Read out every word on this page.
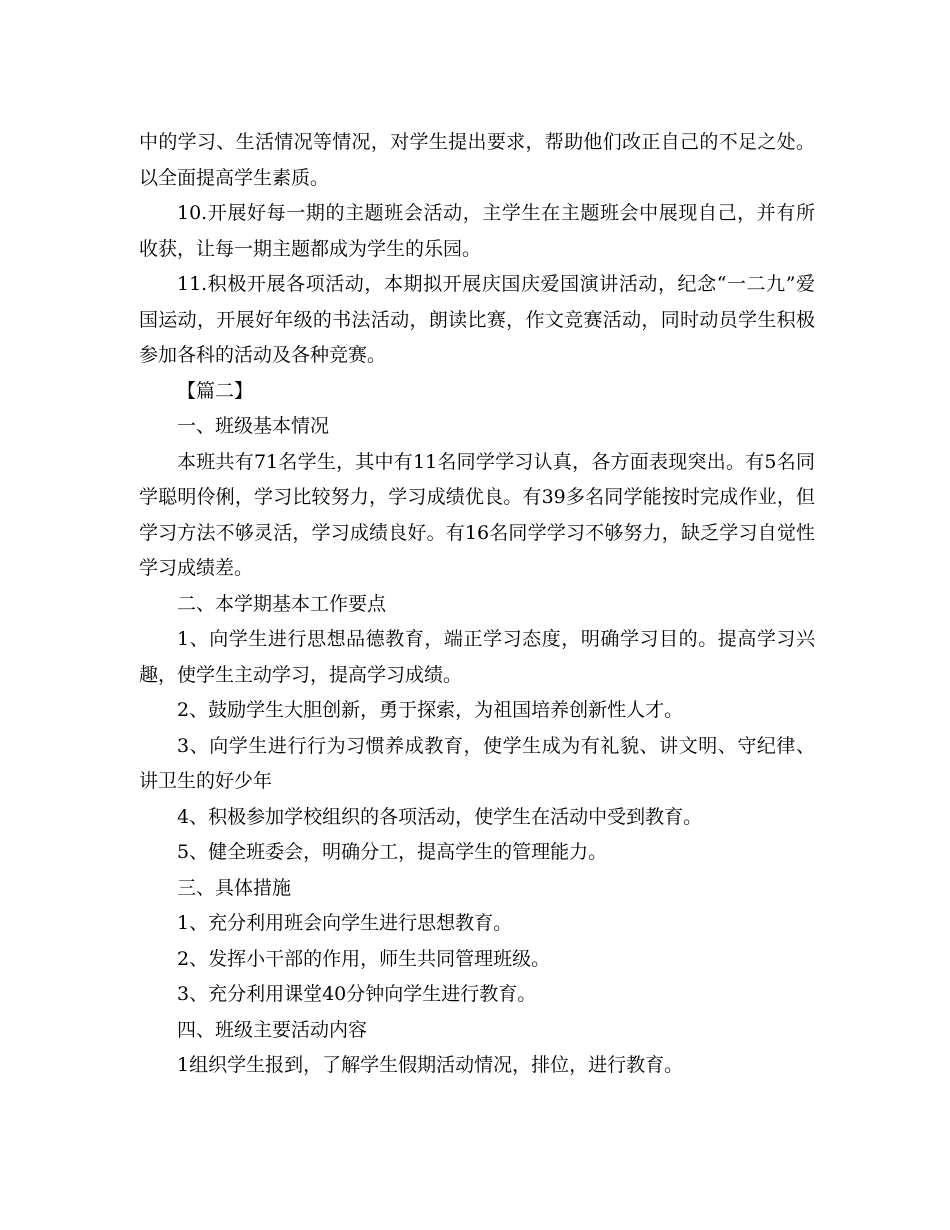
中的学习、生活情况等情况，对学生提出要求，帮助他们改正自己的不足之处。以全面提高学生素质。

10.开展好每一期的主题班会活动，主学生在主题班会中展现自己，并有所收获，让每一期主题都成为学生的乐园。

11.积极开展各项活动，本期拟开展庆国庆爱国演讲活动，纪念“一二九”爱国运动，开展好年级的书法活动，朗读比赛，作文竞赛活动，同时动员学生积极参加各科的活动及各种竞赛。

【篇二】

一、班级基本情况

本班共有71名学生，其中有11名同学学习认真，各方面表现突出。有5名同学聪明伶俐，学习比较努力，学习成绩优良。有39多名同学能按时完成作业，但学习方法不够灵活，学习成绩良好。有16名同学学习不够努力，缺乏学习自觉性学习成绩差。

二、本学期基本工作要点

1、向学生进行思想品德教育，端正学习态度，明确学习目的。提高学习兴趣，使学生主动学习，提高学习成绩。

2、鼓励学生大胆创新，勇于探索，为祖国培养创新性人才。

3、向学生进行行为习惯养成教育，使学生成为有礼貌、讲文明、守纪律、讲卫生的好少年

4、积极参加学校组织的各项活动，使学生在活动中受到教育。

5、健全班委会，明确分工，提高学生的管理能力。

三、具体措施

1、充分利用班会向学生进行思想教育。

2、发挥小干部的作用，师生共同管理班级。

3、充分利用课堂40分钟向学生进行教育。

四、班级主要活动内容

1组织学生报到，了解学生假期活动情况，排位，进行教育。
